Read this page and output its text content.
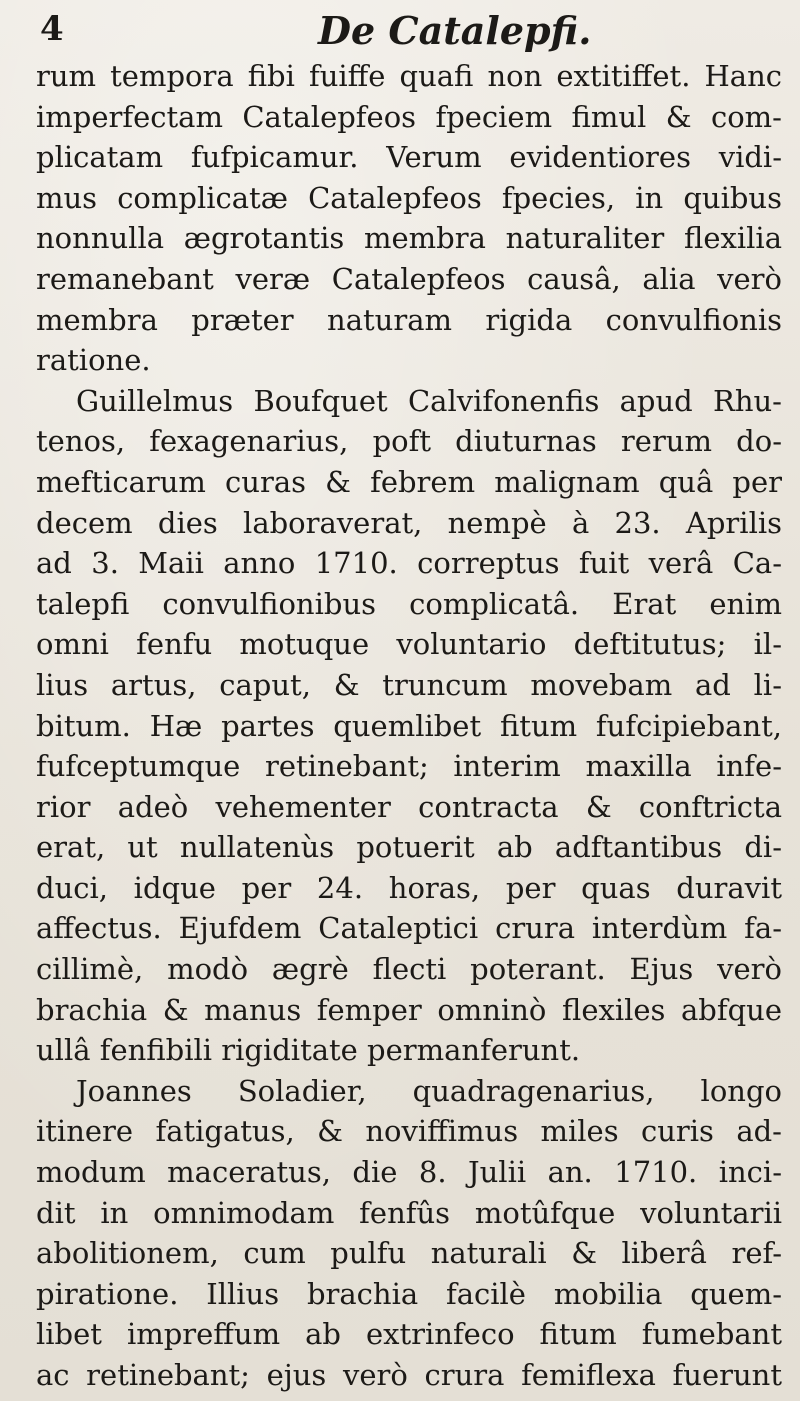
4	De Catalepfi.
rum tempora fibi fuiffe quafi non extitiffet. Hanc
imperfectam Catalepfeos fpeciem fimul & com-
plicatam fufpicamur. Verum evidentiores vidi-
mus complicatæ Catalepfeos fpecies, in quibus
nonnulla ægrotantis membra naturaliter flexilia
remanebant veræ Catalepfeos causâ, alia verò
membra præter naturam rigida convulfionis
ratione.
Guillelmus Boufquet Calvifonenfis apud Rhu-
tenos, fexagenarius, poft diuturnas rerum do-
mefticarum curas & febrem malignam quâ per
decem dies laboraverat, nempè à 23. Aprilis
ad 3. Maii anno 1710. correptus fuit verâ Ca-
talepfi convulfionibus complicatâ. Erat enim
omni fenfu motuque voluntario deftitutus; il-
lius artus, caput, & truncum movebam ad li-
bitum. Hæ partes quemlibet fitum fufcipiebant,
fufceptumque retinebant; interim maxilla infe-
rior adeò vehementer contracta & conftricta
erat, ut nullatenùs potuerit ab adftantibus di-
duci, idque per 24. horas, per quas duravit
affectus. Ejufdem Cataleptici crura interdùm fa-
cillimè, modò ægrè flecti poterant. Ejus verò
brachia & manus femper omninò flexiles abfque
ullâ fenfibili rigiditate permanferunt.
Joannes Soladier, quadragenarius, longo
itinere fatigatus, & noviffimus miles curis ad-
modum maceratus, die 8. Julii an. 1710. inci-
dit in omnimodam fenfûs motûfque voluntarii
abolitionem, cum pulfu naturali & liberâ ref-
piratione. Illius brachia facilè mobilia quem-
libet impreffum ab extrinfeco fitum fumebant
ac retinebant; ejus verò crura femiflexa fuerunt
